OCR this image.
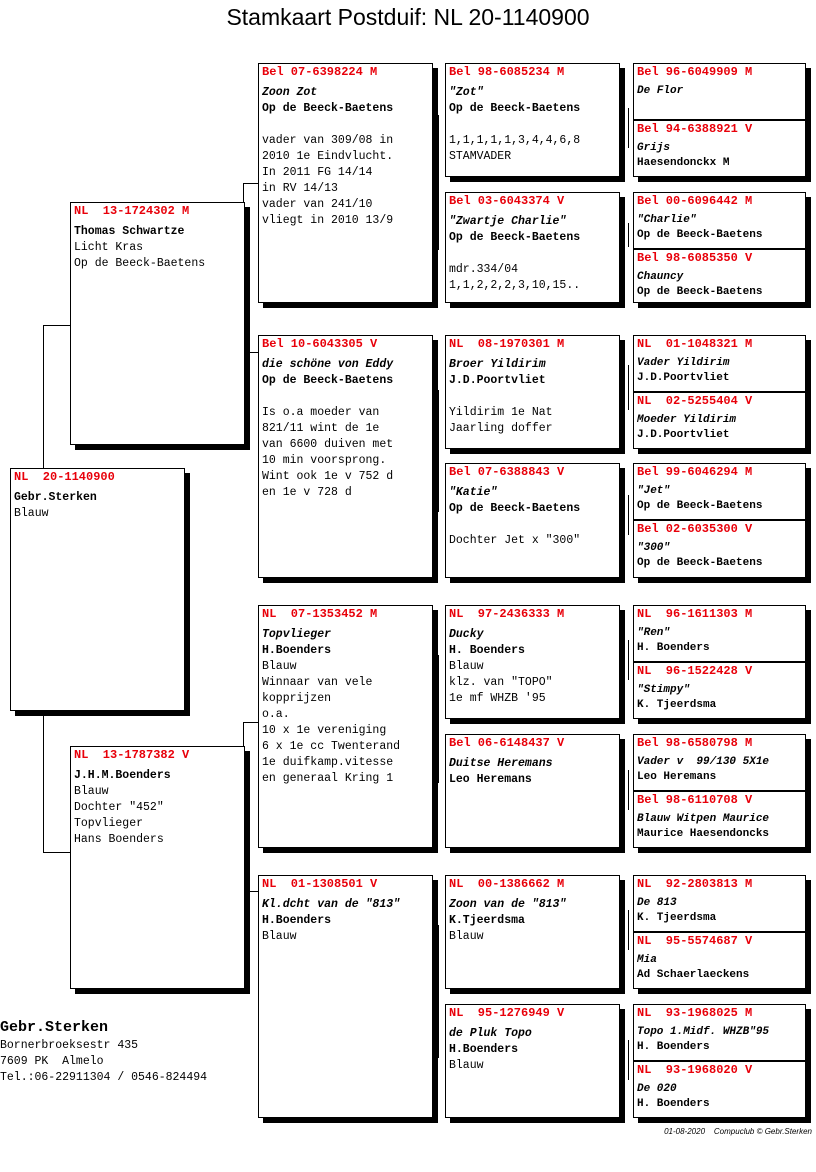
Stamkaart Postduif: NL 20-1140900
NL  20-1140900
Gebr.Sterken
Blauw
NL  13-1724302 M
Thomas Schwartze
Licht Kras
Op de Beeck-Baetens
NL  13-1787382 V
J.H.M.Boenders
Blauw
Dochter "452"
Topvlieger
Hans Boenders
Bel 07-6398224 M
Zoon Zot
Op de Beeck-Baetens

vader van 309/08 in
2010 1e Eindvlucht.
In 2011 FG 14/14
in RV 14/13
vader van 241/10
vliegt in 2010 13/9
Bel 10-6043305 V
die schöne von Eddy
Op de Beeck-Baetens

Is o.a moeder van
821/11 wint de 1e
van 6600 duiven met
10 min voorsprong.
Wint ook 1e v 752 d
en 1e v 728 d
NL  07-1353452 M
Topvlieger
H.Boenders
Blauw
Winnaar van vele
kopprijzen
o.a.
10 x 1e vereniging
6 x 1e cc Twenterand
1e duifkamp.vitesse
en generaal Kring 1
NL  01-1308501 V
Kl.dcht van de "813"
H.Boenders
Blauw
Bel 98-6085234 M
"Zot"
Op de Beeck-Baetens

1,1,1,1,1,3,4,4,6,8
STAMVADER
Bel 03-6043374 V
"Zwartje Charlie"
Op de Beeck-Baetens

mdr.334/04
1,1,2,2,2,3,10,15..
NL  08-1970301 M
Broer Yildirim
J.D.Poortvliet

Yildirim 1e Nat
Jaarling doffer
Bel 07-6388843 V
"Katie"
Op de Beeck-Baetens

Dochter Jet x "300"
NL  97-2436333 M
Ducky
H. Boenders
Blauw
klz. van "TOPO"
1e mf WHZB '95
Bel 06-6148437 V
Duitse Heremans
Leo Heremans
NL  00-1386662 M
Zoon van de "813"
K.Tjeerdsma
Blauw
NL  95-1276949 V
de Pluk Topo
H.Boenders
Blauw
Bel 96-6049909 M
De Flor
Bel 94-6388921 V
Grijs
Haesendonckx M
Bel 00-6096442 M
"Charlie"
Op de Beeck-Baetens
Bel 98-6085350 V
Chauncy
Op de Beeck-Baetens
NL  01-1048321 M
Vader Yildirim
J.D.Poortvliet
NL  02-5255404 V
Moeder Yildirim
J.D.Poortvliet
Bel 99-6046294 M
"Jet"
Op de Beeck-Baetens
Bel 02-6035300 V
"300"
Op de Beeck-Baetens
NL  96-1611303 M
"Ren"
H. Boenders
NL  96-1522428 V
"Stimpy"
K. Tjeerdsma
Bel 98-6580798 M
Vader v  99/130 5X1e
Leo Heremans
Bel 98-6110708 V
Blauw Witpen Maurice
Maurice Haesendoncks
NL  92-2803813 M
De 813
K. Tjeerdsma
NL  95-5574687 V
Mia
Ad Schaerlaeckens
NL  93-1968025 M
Topo 1.Midf. WHZB"95
H. Boenders
NL  93-1968020 V
De 020
H. Boenders
Gebr.Sterken
Bornerbroeksestr 435
7609 PK  Almelo
Tel.:06-22911304 / 0546-824494
01-08-2020    Compuclub © Gebr.Sterken
